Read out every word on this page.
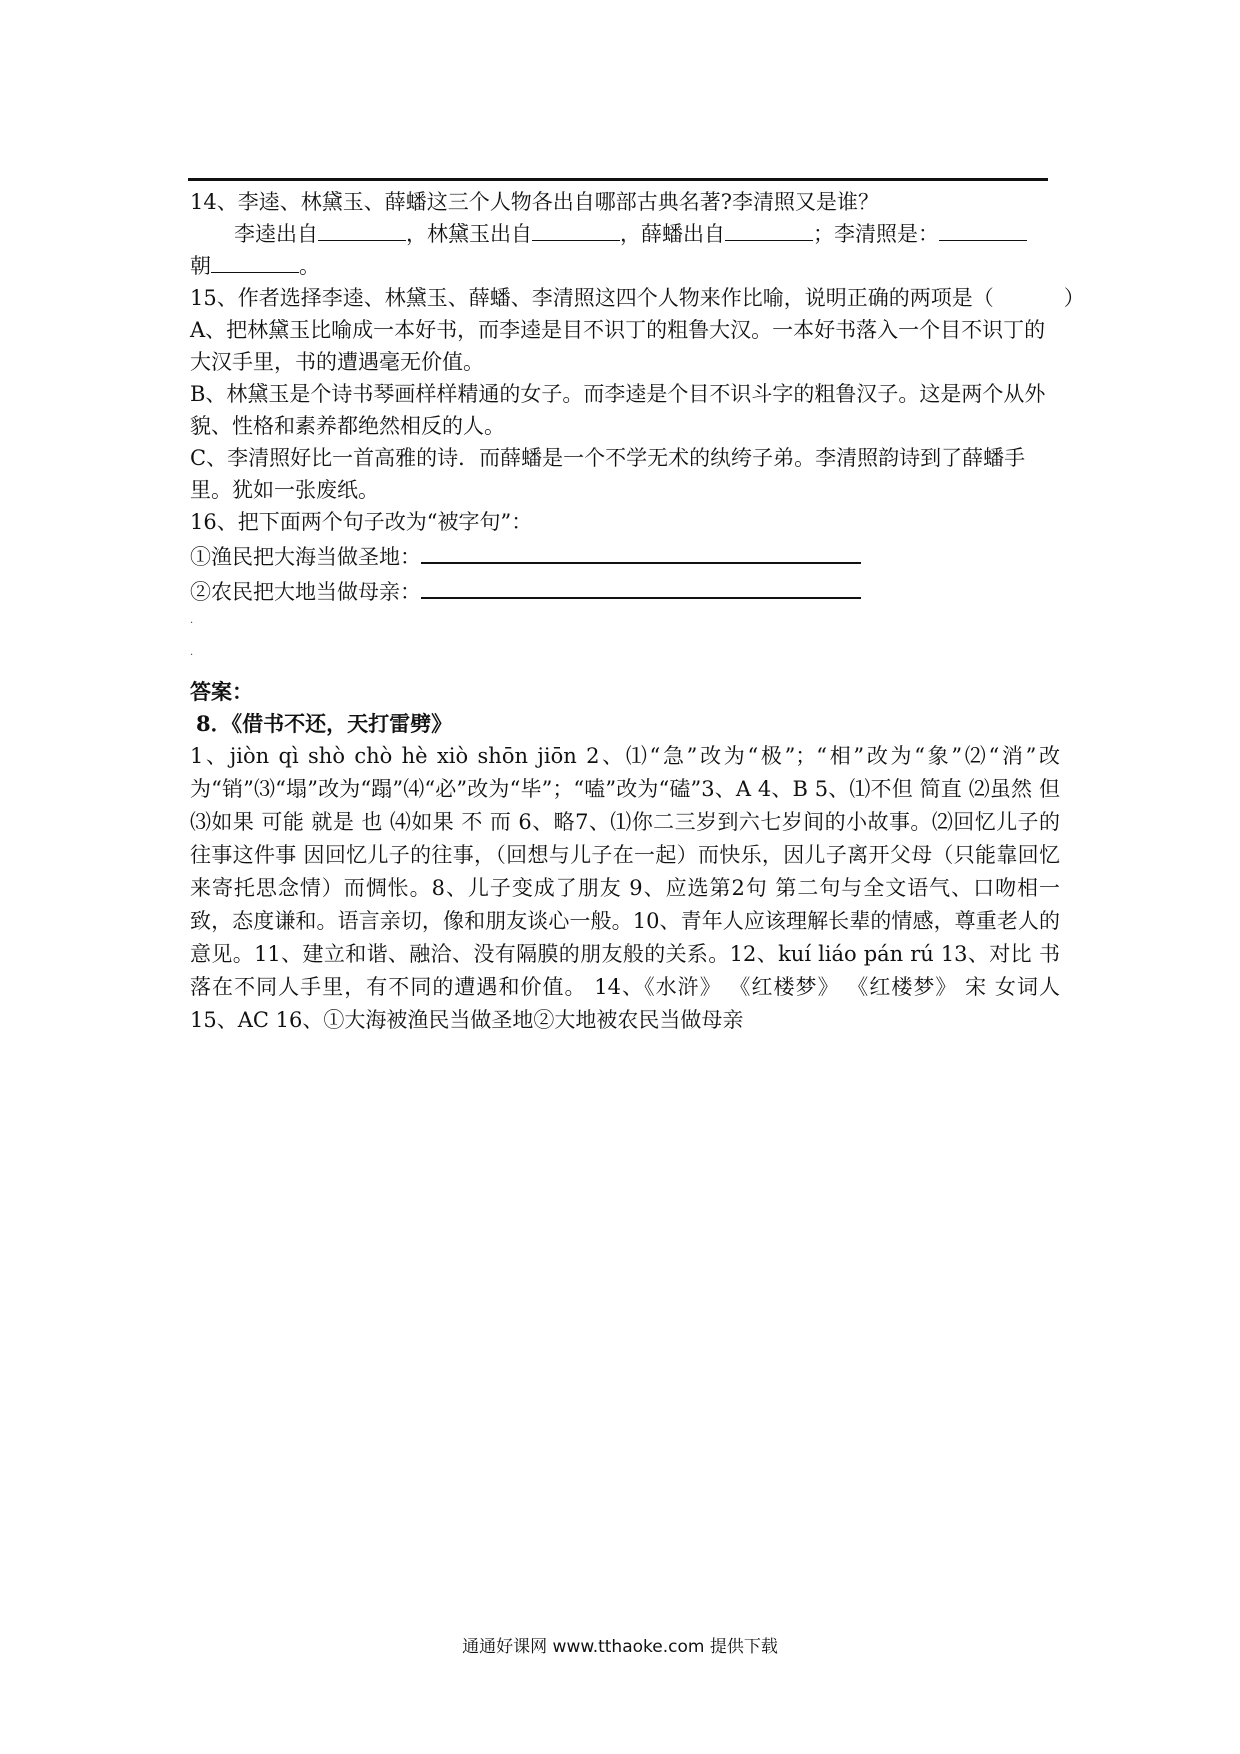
14、李逵、林黛玉、薛蟠这三个人物各出自哪部古典名著?李清照又是谁？
李逵出自	，林黛玉出自	，薛蟠出自	；李清照是：
朝	。
15、作者选择李逵、林黛玉、薛蟠、李清照这四个人物来作比喻，说明正确的两项是（	）
A、把林黛玉比喻成一本好书，而李逵是目不识丁的粗鲁大汉。一本好书落入一个目不识丁的大汉手里，书的遭遇毫无价值。
B、林黛玉是个诗书琴画样样精通的女子。而李逵是个目不识斗字的粗鲁汉子。这是两个从外貌、性格和素养都绝然相反的人。
C、李清照好比一首高雅的诗．而薛蟠是一个不学无术的纨绔子弟。李清照韵诗到了薛蟠手里。犹如一张废纸。
16、把下面两个句子改为“被字句”：
①渔民把大海当做圣地：
②农民把大地当做母亲：
·
·
答案：
8．《借书不还，天打雷劈》
1、jiòn qì shò chò hè xiò shōn jiōn 2、⑴“急”改为“极”；“相”改为“象”⑵“消”改为“销”⑶“塌”改为“蹋”⑷“必”改为“毕”；“嗑”改为“磕”3、A 4、B 5、⑴不但 简直 ⑵虽然 但 ⑶如果 可能 就是 也 ⑷如果 不 而 6、略7、⑴你二三岁到六七岁间的小故事。⑵回忆儿子的往事这件事 因回忆儿子的往事，（回想与儿子在一起）而快乐，因儿子离开父母（只能靠回忆来寄托思念情）而惆怅。8、儿子变成了朋友 9、应选第2句 第二句与全文语气、口吻相一致，态度谦和。语言亲切，像和朋友谈心一般。10、青年人应该理解长辈的情感，尊重老人的意见。11、建立和谐、融洽、没有隔膜的朋友般的关系。12、kuí liáo pán rú 13、对比 书落在不同人手里，有不同的遭遇和价值。 14、《水浒》 《红楼梦》 《红楼梦》 宋 女词人 15、AC 16、①大海被渔民当做圣地②大地被农民当做母亲
通通好课网 www.tthaoke.com 提供下载
